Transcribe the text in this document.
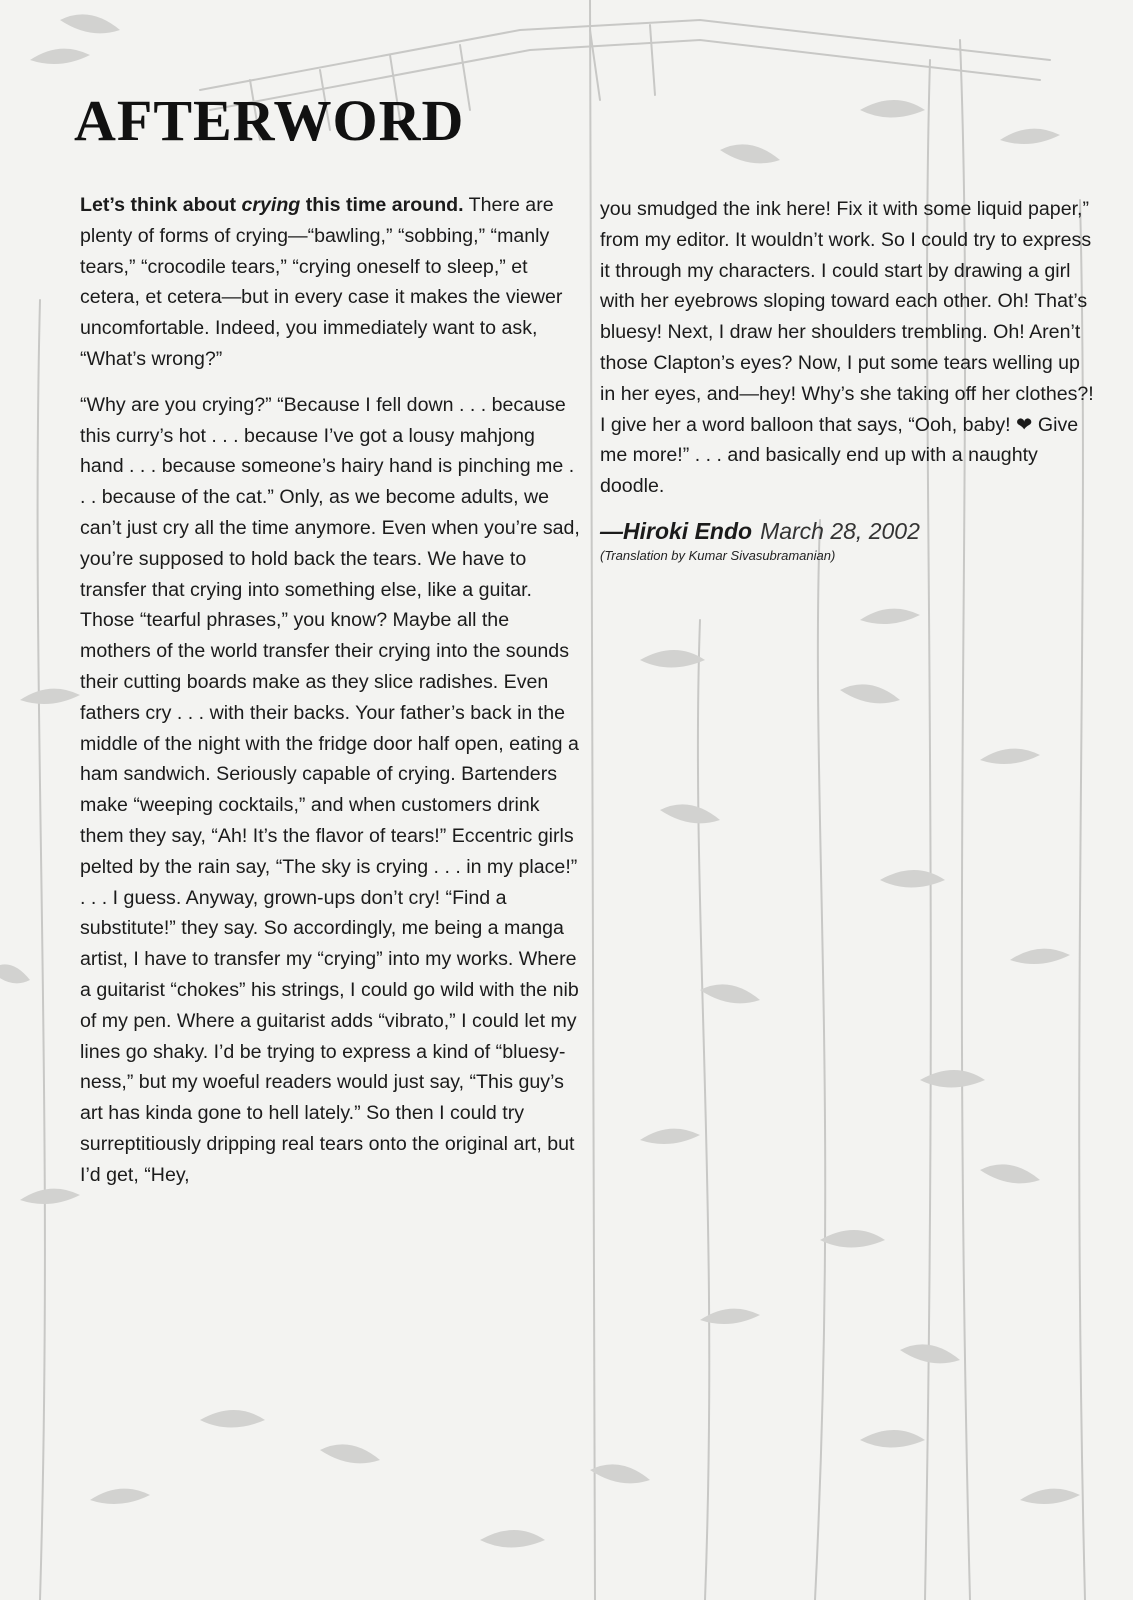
AFTERWORD

Let’s think about crying this time around. There are plenty of forms of crying—“bawling,” “sobbing,” “manly tears,” “crocodile tears,” “crying oneself to sleep,” et cetera, et cetera—but in every case it makes the viewer uncomfortable. Indeed, you immediately want to ask, “What’s wrong?”

“Why are you crying?” “Because I fell down . . . because this curry’s hot . . . because I’ve got a lousy mahjong hand . . . because someone’s hairy hand is pinching me . . . because of the cat.” Only, as we become adults, we can’t just cry all the time anymore. Even when you’re sad, you’re supposed to hold back the tears. We have to transfer that crying into something else, like a guitar. Those “tearful phrases,” you know? Maybe all the mothers of the world transfer their crying into the sounds their cutting boards make as they slice radishes. Even fathers cry . . . with their backs. Your father’s back in the middle of the night with the fridge door half open, eating a ham sandwich. Seriously capable of crying. Bartenders make “weeping cocktails,” and when customers drink them they say, “Ah! It’s the flavor of tears!” Eccentric girls pelted by the rain say, “The sky is crying . . . in my place!” . . . I guess. Anyway, grown-ups don’t cry! “Find a substitute!” they say. So accordingly, me being a manga artist, I have to transfer my “crying” into my works. Where a guitarist “chokes” his strings, I could go wild with the nib of my pen. Where a guitarist adds “vibrato,” I could let my lines go shaky. I’d be trying to express a kind of “bluesy-ness,” but my woeful readers would just say, “This guy’s art has kinda gone to hell lately.” So then I could try surreptitiously dripping real tears onto the original art, but I’d get, “Hey,

you smudged the ink here! Fix it with some liquid paper,” from my editor. It wouldn’t work. So I could try to express it through my characters. I could start by drawing a girl with her eyebrows sloping toward each other. Oh! That’s bluesy! Next, I draw her shoulders trembling. Oh! Aren’t those Clapton’s eyes? Now, I put some tears welling up in her eyes, and—hey! Why’s she taking off her clothes?! I give her a word balloon that says, “Ooh, baby! ❤ Give me more!” . . . and basically end up with a naughty doodle.

—Hiroki Endo March 28, 2002
(Translation by Kumar Sivasubramanian)
